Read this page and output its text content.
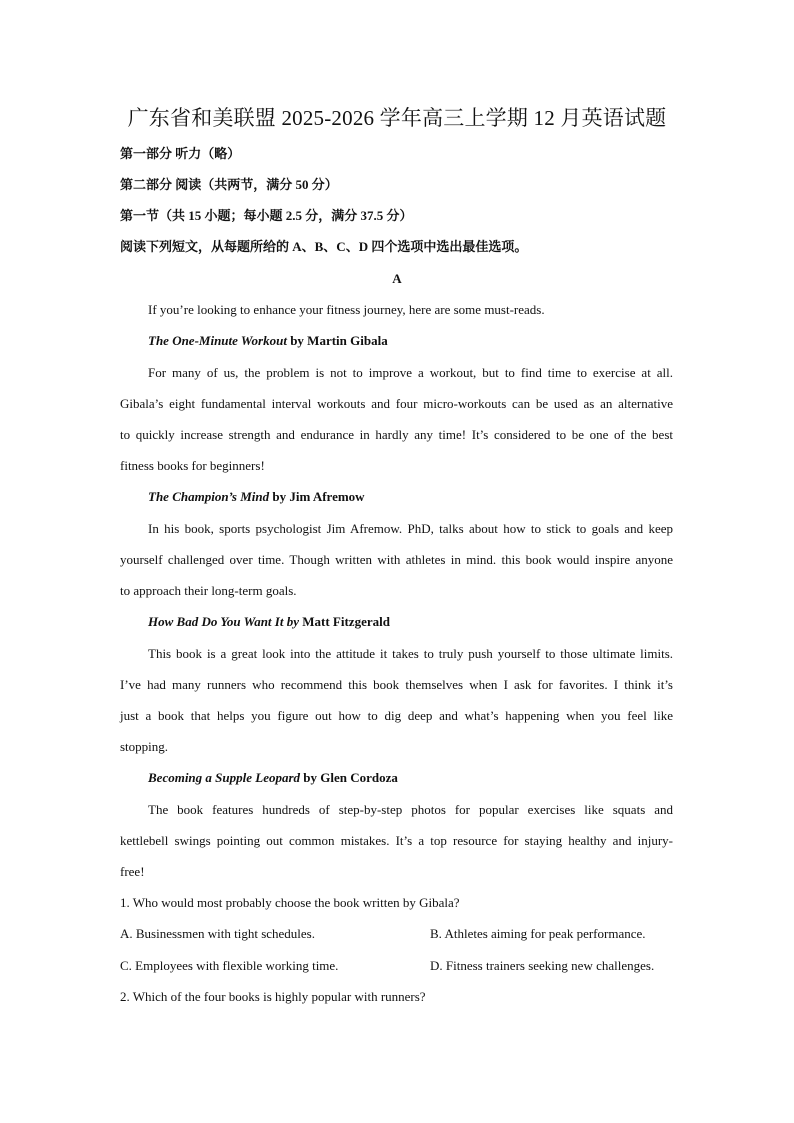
广东省和美联盟 2025-2026 学年高三上学期 12 月英语试题
第一部分 听力（略）
第二部分 阅读（共两节，满分 50 分）
第一节（共 15 小题；每小题 2.5 分，满分 37.5 分）
阅读下列短文，从每题所给的 A、B、C、D 四个选项中选出最佳选项。
A
If you’re looking to enhance your fitness journey, here are some must-reads.
The One-Minute Workout by Martin Gibala
For many of us, the problem is not to improve a workout, but to find time to exercise at all.
Gibala’s eight fundamental interval workouts and four micro-workouts can be used as an alternative
to quickly increase strength and endurance in hardly any time! It’s considered to be one of the best
fitness books for beginners!
The Champion’s Mind by Jim Afremow
In his book, sports psychologist Jim Afremow. PhD, talks about how to stick to goals and keep
yourself challenged over time. Though written with athletes in mind. this book would inspire anyone
to approach their long-term goals.
How Bad Do You Want It by Matt Fitzgerald
This book is a great look into the attitude it takes to truly push yourself to those ultimate limits.
I’ve had many runners who recommend this book themselves when I ask for favorites. I think it’s
just a book that helps you figure out how to dig deep and what’s happening when you feel like
stopping.
Becoming a Supple Leopard by Glen Cordoza
The book features hundreds of step-by-step photos for popular exercises like squats and
kettlebell swings pointing out common mistakes. It’s a top resource for staying healthy and injury-
free!
1. Who would most probably choose the book written by Gibala?
A. Businessmen with tight schedules.	B. Athletes aiming for peak performance.
C. Employees with flexible working time.	D. Fitness trainers seeking new challenges.
2. Which of the four books is highly popular with runners?
